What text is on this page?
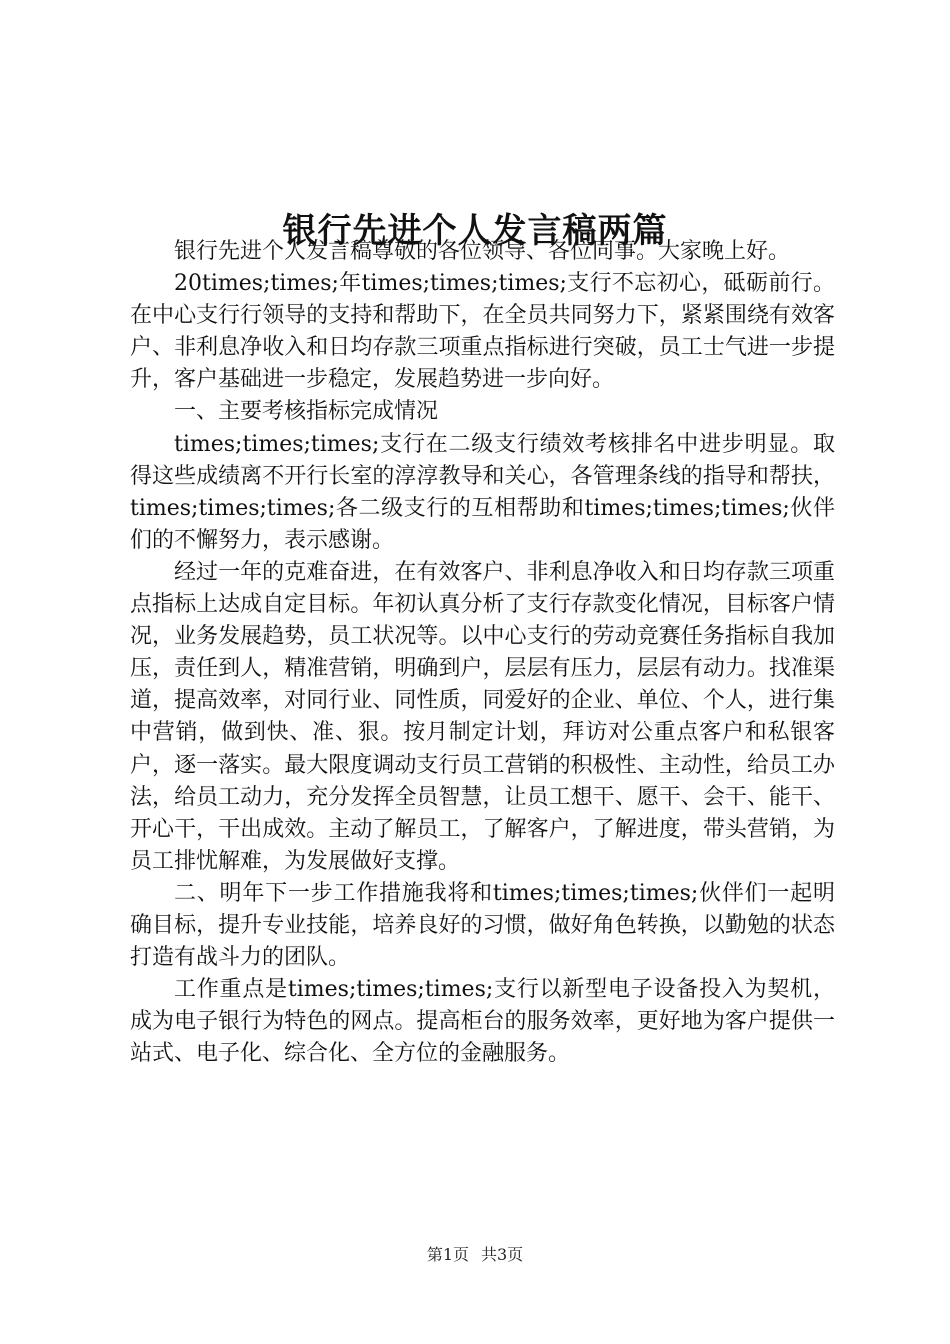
银行先进个人发言稿两篇

银行先进个人发言稿尊敬的各位领导、各位同事。大家晚上好。

20times;times;年times;times;times;支行不忘初心，砥砺前行。在中心支行行领导的支持和帮助下，在全员共同努力下，紧紧围绕有效客户、非利息净收入和日均存款三项重点指标进行突破，员工士气进一步提升，客户基础进一步稳定，发展趋势进一步向好。

一、主要考核指标完成情况

times;times;times;支行在二级支行绩效考核排名中进步明显。取得这些成绩离不开行长室的淳淳教导和关心，各管理条线的指导和帮扶，times;times;times;各二级支行的互相帮助和times;times;times;伙伴们的不懈努力，表示感谢。

经过一年的克难奋进，在有效客户、非利息净收入和日均存款三项重点指标上达成自定目标。年初认真分析了支行存款变化情况，目标客户情况，业务发展趋势，员工状况等。以中心支行的劳动竞赛任务指标自我加压，责任到人，精准营销，明确到户，层层有压力，层层有动力。找准渠道，提高效率，对同行业、同性质，同爱好的企业、单位、个人，进行集中营销，做到快、准、狠。按月制定计划，拜访对公重点客户和私银客户，逐一落实。最大限度调动支行员工营销的积极性、主动性，给员工办法，给员工动力，充分发挥全员智慧，让员工想干、愿干、会干、能干、开心干，干出成效。主动了解员工，了解客户，了解进度，带头营销，为员工排忧解难，为发展做好支撑。

二、明年下一步工作措施我将和times;times;times;伙伴们一起明确目标，提升专业技能，培养良好的习惯，做好角色转换，以勤勉的状态打造有战斗力的团队。

工作重点是times;times;times;支行以新型电子设备投入为契机，成为电子银行为特色的网点。提高柜台的服务效率，更好地为客户提供一站式、电子化、综合化、全方位的金融服务。

第1页 共3页
